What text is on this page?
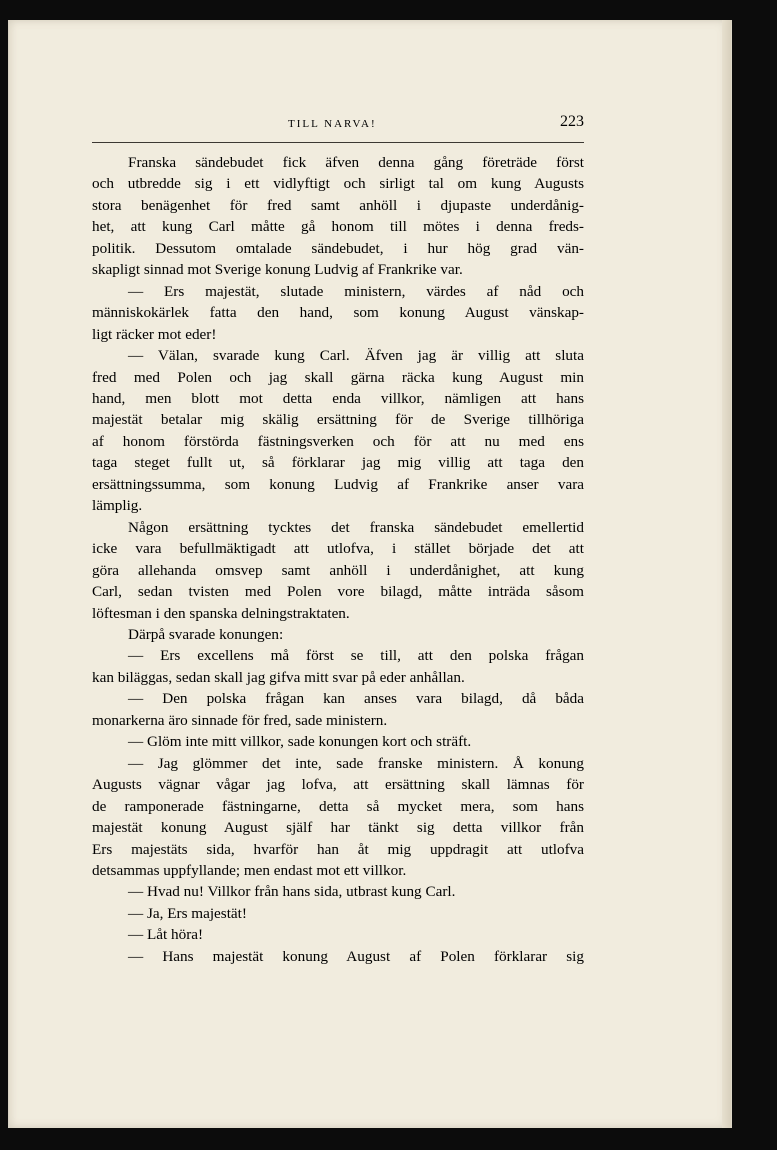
TILL NARVA!	223
Franska sändebudet fick äfven denna gång företräde först
och utbredde sig i ett vidlyftigt och sirligt tal om kung Augusts
stora benägenhet för fred samt anhöll i djupaste underdånig-
het, att kung Carl måtte gå honom till mötes i denna freds-
politik. Dessutom omtalade sändebudet, i hur hög grad vän-
skapligt sinnad mot Sverige konung Ludvig af Frankrike var.
— Ers majestät, slutade ministern, värdes af nåd och
människokärlek fatta den hand, som konung August vänskap-
ligt räcker mot eder!
— Välan, svarade kung Carl. Äfven jag är villig att sluta
fred med Polen och jag skall gärna räcka kung August min
hand, men blott mot detta enda villkor, nämligen att hans
majestät betalar mig skälig ersättning för de Sverige tillhöriga
af honom förstörda fästningsverken och för att nu med ens
taga steget fullt ut, så förklarar jag mig villig att taga den
ersättningssumma, som konung Ludvig af Frankrike anser vara
lämplig.
Någon ersättning tycktes det franska sändebudet emellertid
icke vara befullmäktigadt att utlofva, i stället började det att
göra allehanda omsvep samt anhöll i underdånighet, att kung
Carl, sedan tvisten med Polen vore bilagd, måtte inträda såsom
löftesman i den spanska delningstraktaten.
Därpå svarade konungen:
— Ers excellens må först se till, att den polska frågan
kan biläggas, sedan skall jag gifva mitt svar på eder anhållan.
— Den polska frågan kan anses vara bilagd, då båda
monarkerna äro sinnade för fred, sade ministern.
— Glöm inte mitt villkor, sade konungen kort och sträft.
— Jag glömmer det inte, sade franske ministern. Å konung
Augusts vägnar vågar jag lofva, att ersättning skall lämnas för
de ramponerade fästningarne, detta så mycket mera, som hans
majestät konung August själf har tänkt sig detta villkor från
Ers majestäts sida, hvarför han åt mig uppdragit att utlofva
detsammas uppfyllande; men endast mot ett villkor.
— Hvad nu! Villkor från hans sida, utbrast kung Carl.
— Ja, Ers majestät!
— Låt höra!
— Hans majestät konung August af Polen förklarar sig
